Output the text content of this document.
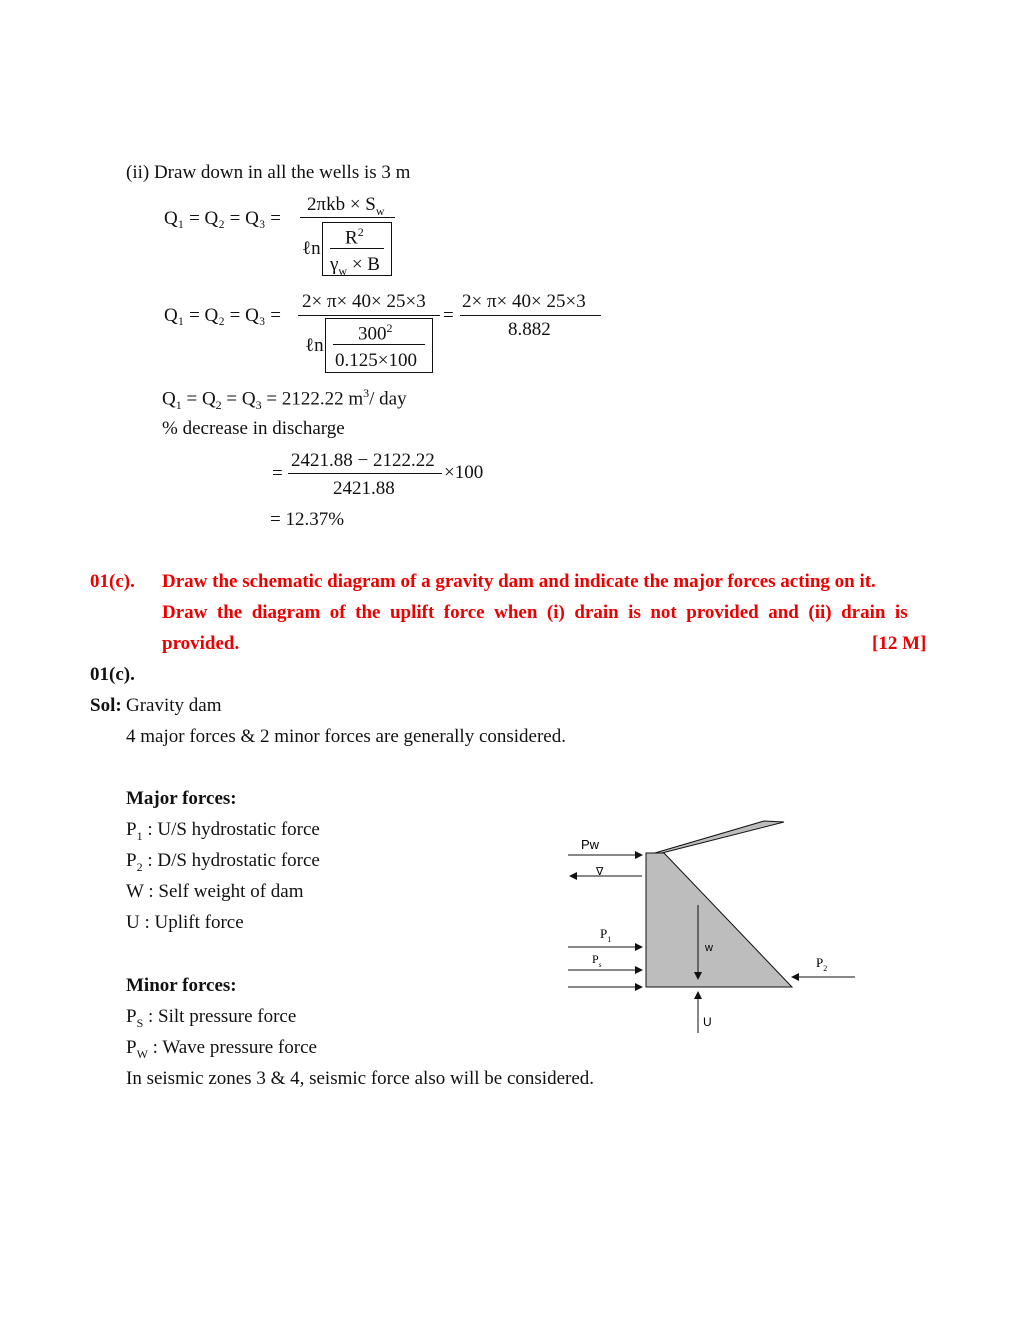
(ii) Draw down in all the wells is 3 m
Q₁ = Q₂ = Q₃ =
$2\pi kb \times S_w$
ℓn
$R^2$
$\gamma_w \times B$
Q₁ = Q₂ = Q₃ =
2× π× 40× 25×3
ℓn
$300^2$
0.125×100
=
2× π× 40× 25×3
8.882
$Q_1 = Q_2 = Q_3 = 2122.22$ $m^3/$ day
% decrease in discharge
=
2421.88 − 2122.22
2421.88
×100
= 12.37%
01(c). Draw the schematic diagram of a gravity dam and indicate the major forces acting on it.
Draw  the  diagram  of  the  uplift  force  when  (i)  drain  is  not  provided  and  (ii)  drain  is
provided.	[12 M]
01(c).
Sol: Gravity dam
4 major forces & 2 minor forces are generally considered.
Major forces:
$P_1$ : U/S hydrostatic force
$P_2$ : D/S hydrostatic force
W : Self weight of dam
U : Uplift force
Minor forces:
$P_S$ : Silt pressure force
$P_W$ : Wave pressure force
In seismic zones 3 & 4, seismic force also will be considered.
Pw
∇
$P_1$
$P_s$
w
$P_2$
U
